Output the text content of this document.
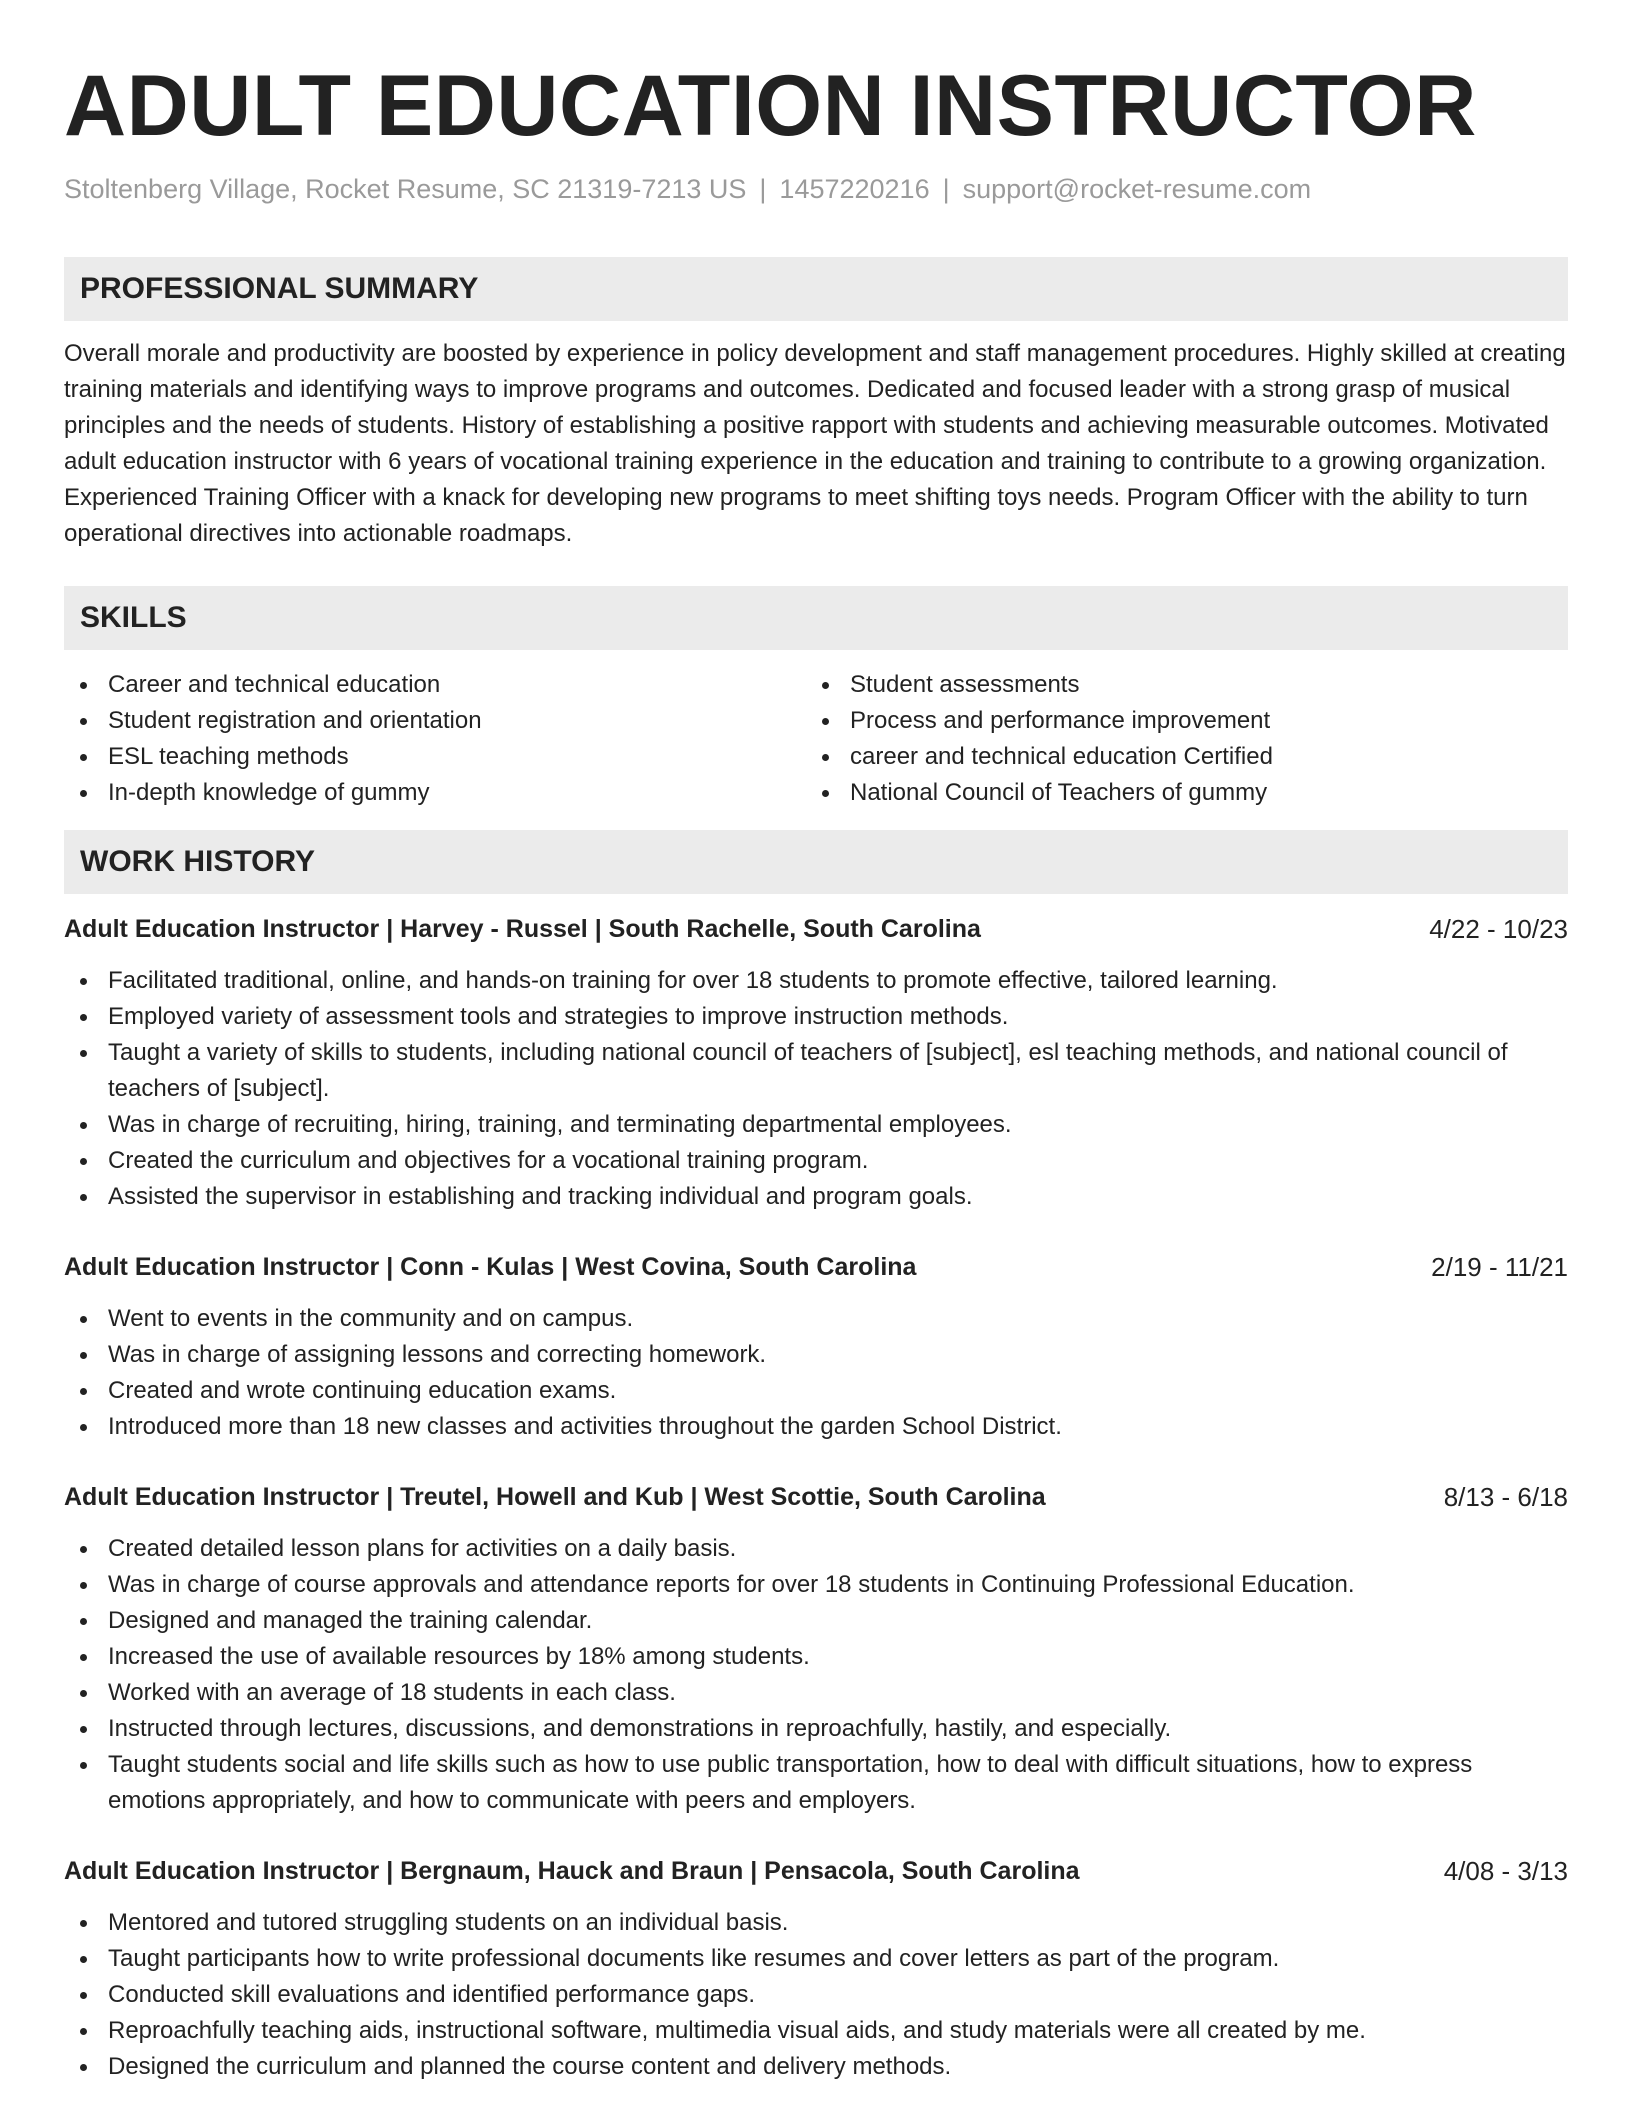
ADULT EDUCATION INSTRUCTOR
Stoltenberg Village, Rocket Resume, SC 21319-7213 US | 1457220216 | support@rocket-resume.com
PROFESSIONAL SUMMARY
Overall morale and productivity are boosted by experience in policy development and staff management procedures. Highly skilled at creating training materials and identifying ways to improve programs and outcomes. Dedicated and focused leader with a strong grasp of musical principles and the needs of students. History of establishing a positive rapport with students and achieving measurable outcomes. Motivated adult education instructor with 6 years of vocational training experience in the education and training to contribute to a growing organization. Experienced Training Officer with a knack for developing new programs to meet shifting toys needs. Program Officer with the ability to turn operational directives into actionable roadmaps.
SKILLS
Career and technical education
Student registration and orientation
ESL teaching methods
In-depth knowledge of gummy
Student assessments
Process and performance improvement
career and technical education Certified
National Council of Teachers of gummy
WORK HISTORY
Adult Education Instructor | Harvey - Russel | South Rachelle, South Carolina	4/22 - 10/23
Facilitated traditional, online, and hands-on training for over 18 students to promote effective, tailored learning.
Employed variety of assessment tools and strategies to improve instruction methods.
Taught a variety of skills to students, including national council of teachers of [subject], esl teaching methods, and national council of teachers of [subject].
Was in charge of recruiting, hiring, training, and terminating departmental employees.
Created the curriculum and objectives for a vocational training program.
Assisted the supervisor in establishing and tracking individual and program goals.
Adult Education Instructor | Conn - Kulas | West Covina, South Carolina	2/19 - 11/21
Went to events in the community and on campus.
Was in charge of assigning lessons and correcting homework.
Created and wrote continuing education exams.
Introduced more than 18 new classes and activities throughout the garden School District.
Adult Education Instructor | Treutel, Howell and Kub | West Scottie, South Carolina	8/13 - 6/18
Created detailed lesson plans for activities on a daily basis.
Was in charge of course approvals and attendance reports for over 18 students in Continuing Professional Education.
Designed and managed the training calendar.
Increased the use of available resources by 18% among students.
Worked with an average of 18 students in each class.
Instructed through lectures, discussions, and demonstrations in reproachfully, hastily, and especially.
Taught students social and life skills such as how to use public transportation, how to deal with difficult situations, how to express emotions appropriately, and how to communicate with peers and employers.
Adult Education Instructor | Bergnaum, Hauck and Braun | Pensacola, South Carolina	4/08 - 3/13
Mentored and tutored struggling students on an individual basis.
Taught participants how to write professional documents like resumes and cover letters as part of the program.
Conducted skill evaluations and identified performance gaps.
Reproachfully teaching aids, instructional software, multimedia visual aids, and study materials were all created by me.
Designed the curriculum and planned the course content and delivery methods.
